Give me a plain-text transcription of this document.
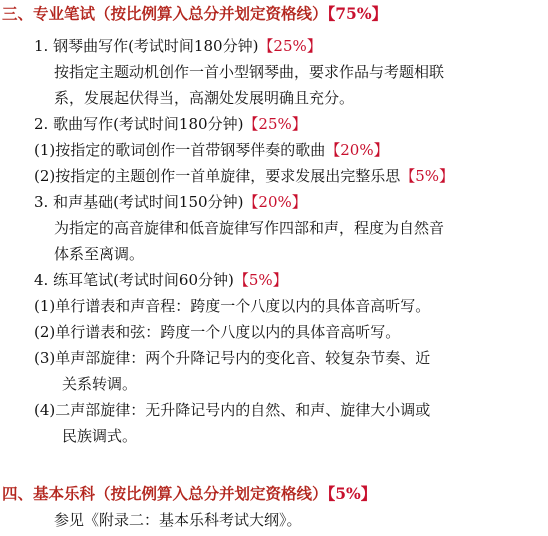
三、专业笔试（按比例算入总分并划定资格线）【75%】
1. 钢琴曲写作(考试时间180分钟)【25%】
按指定主题动机创作一首小型钢琴曲，要求作品与考题相联
系，发展起伏得当，高潮处发展明确且充分。
2. 歌曲写作(考试时间180分钟)【25%】
(1)按指定的歌词创作一首带钢琴伴奏的歌曲【20%】
(2)按指定的主题创作一首单旋律，要求发展出完整乐思【5%】
3. 和声基础(考试时间150分钟)【20%】
为指定的高音旋律和低音旋律写作四部和声，程度为自然音
体系至离调。
4. 练耳笔试(考试时间60分钟)【5%】
(1)单行谱表和声音程：跨度一个八度以内的具体音高听写。
(2)单行谱表和弦：跨度一个八度以内的具体音高听写。
(3)单声部旋律：两个升降记号内的变化音、较复杂节奏、近
关系转调。
(4)二声部旋律：无升降记号内的自然、和声、旋律大小调或
民族调式。
四、基本乐科（按比例算入总分并划定资格线）【5%】
参见《附录二：基本乐科考试大纲》。
